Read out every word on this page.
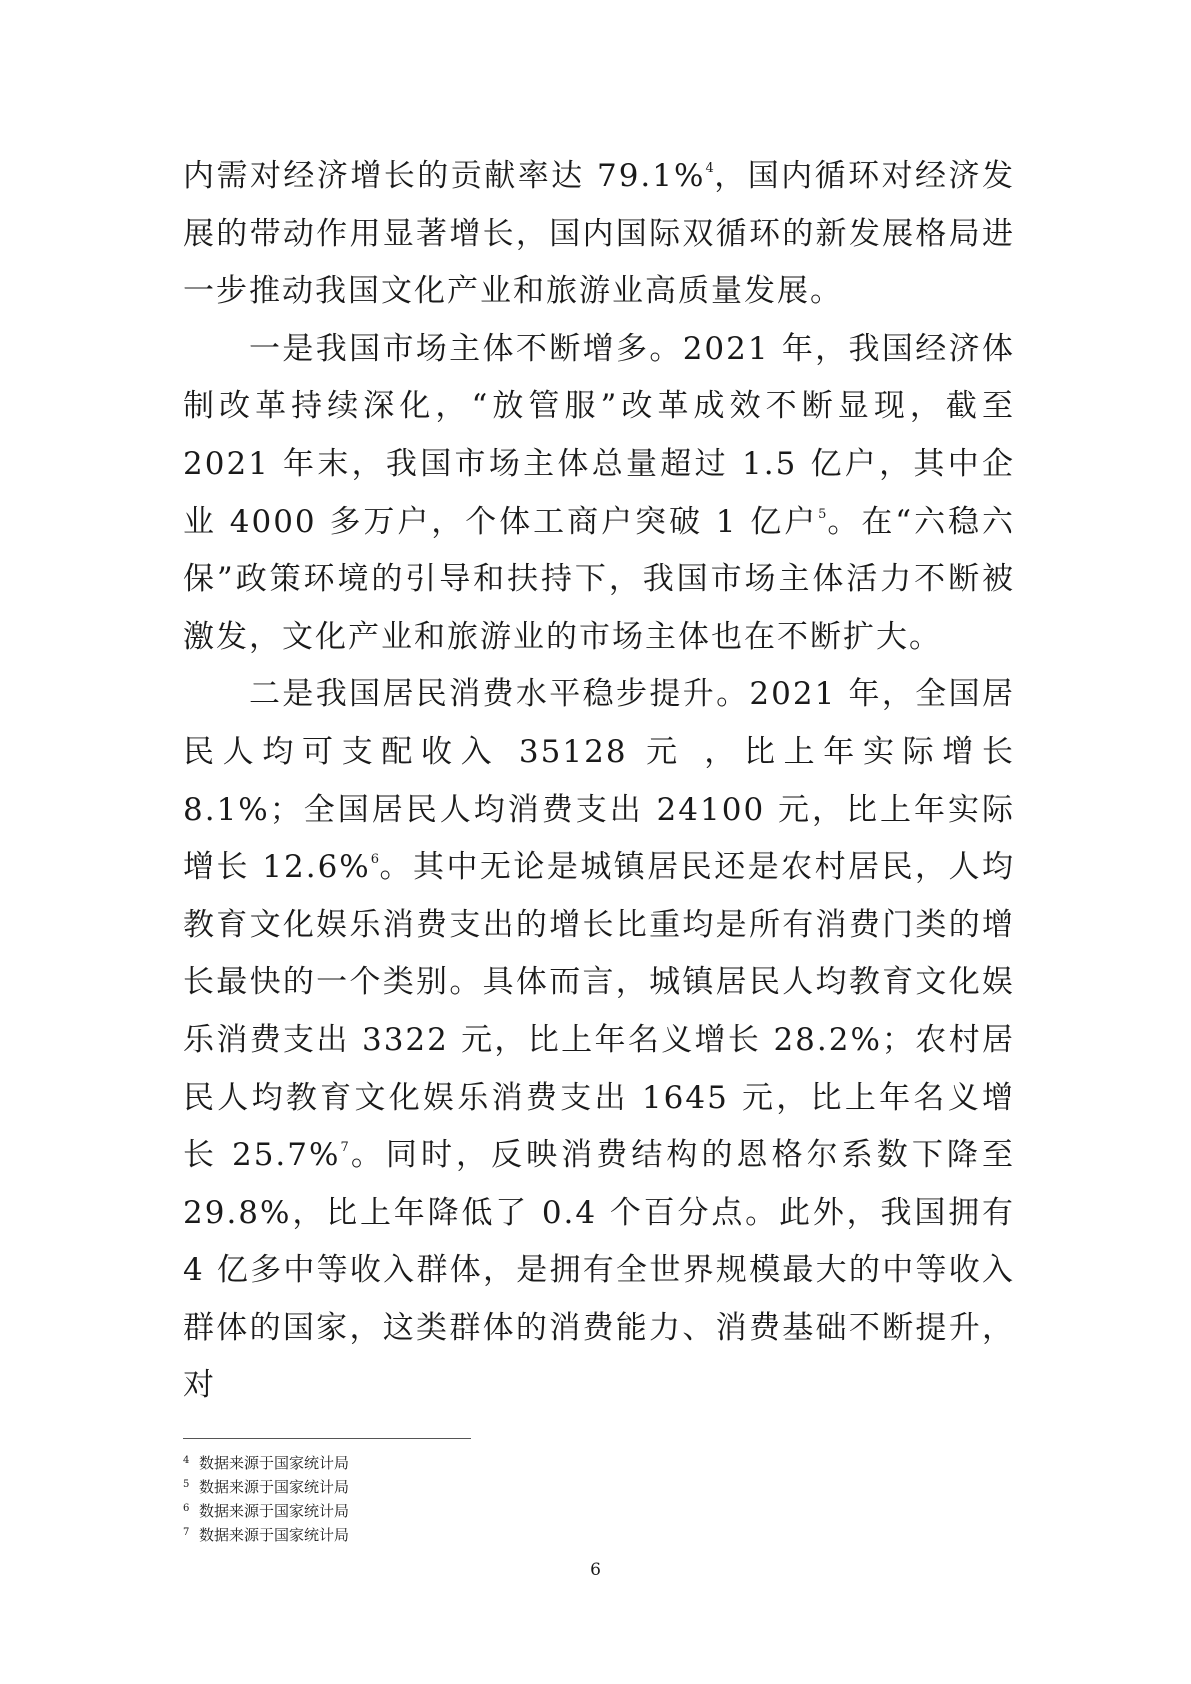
内需对经济增长的贡献率达 79.1%$^4$，国内循环对经济发展的带动作用显著增长，国内国际双循环的新发展格局进一步推动我国文化产业和旅游业高质量发展。

一是我国市场主体不断增多。2021 年，我国经济体制改革持续深化，“放管服”改革成效不断显现，截至 2021 年末，我国市场主体总量超过 1.5 亿户，其中企业 4000 多万户，个体工商户突破 1 亿户$^5$。在“六稳六保”政策环境的引导和扶持下，我国市场主体活力不断被激发，文化产业和旅游业的市场主体也在不断扩大。

二是我国居民消费水平稳步提升。2021 年，全国居民人均可支配收入 35128 元 ，比上年实际增长 8.1%；全国居民人均消费支出 24100 元，比上年实际增长 12.6%$^6$。其中无论是城镇居民还是农村居民，人均教育文化娱乐消费支出的增长比重均是所有消费门类的增长最快的一个类别。具体而言，城镇居民人均教育文化娱乐消费支出 3322 元，比上年名义增长 28.2%；农村居民人均教育文化娱乐消费支出 1645 元，比上年名义增长 25.7%$^7$。同时，反映消费结构的恩格尔系数下降至 29.8%，比上年降低了 0.4 个百分点。此外，我国拥有 4 亿多中等收入群体，是拥有全世界规模最大的中等收入群体的国家，这类群体的消费能力、消费基础不断提升，对

4 数据来源于国家统计局
5 数据来源于国家统计局
6 数据来源于国家统计局
7 数据来源于国家统计局
6
